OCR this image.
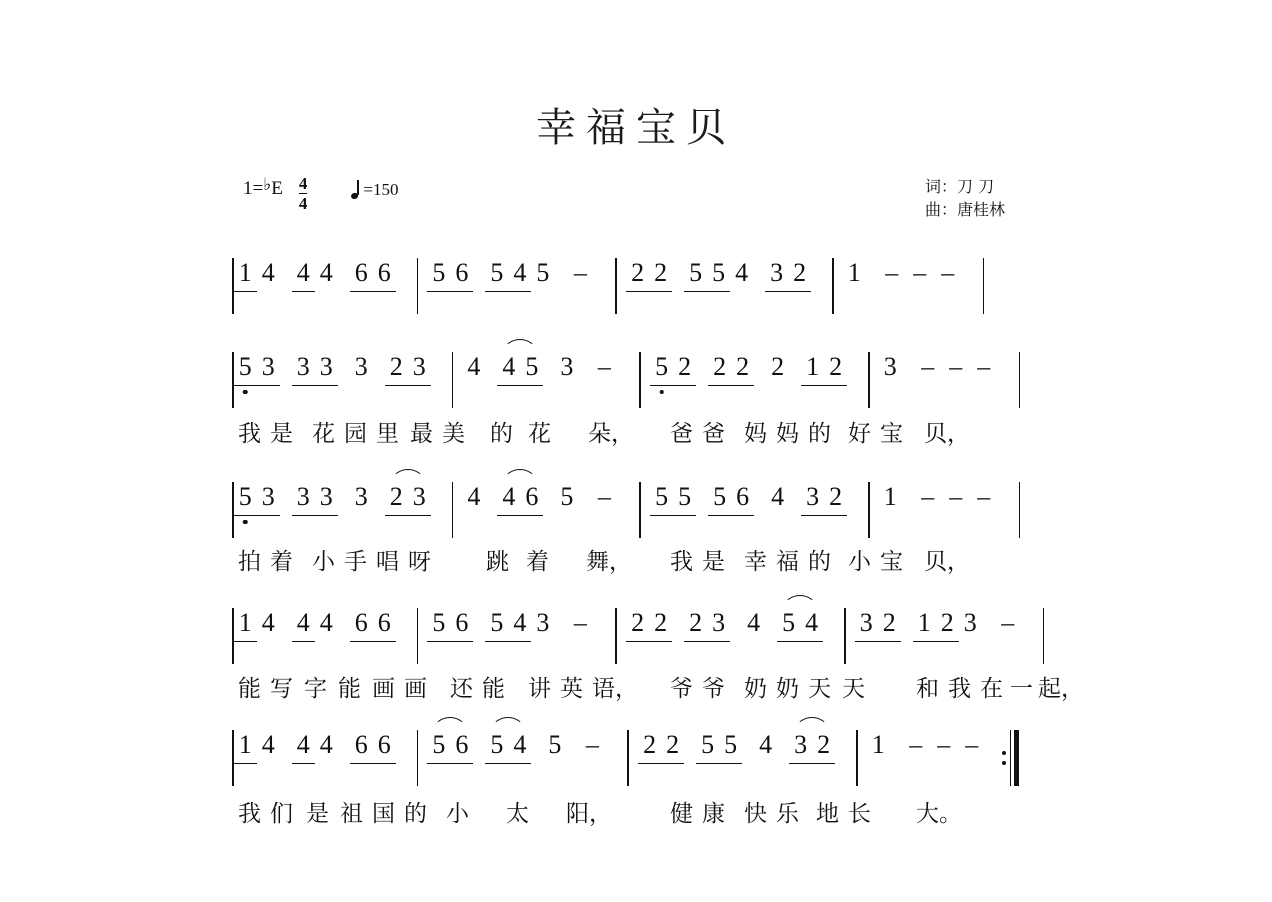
幸福宝贝
1= ♭ E $\frac{4}{4}$	=150	词：刀 刀
曲：唐桂林
1 4 4 4 6 6 5 6 5 4 5 – 2 2 5 5 4 3 2 1 – – –
5 3 3 3 3 2 3 4 4 5 3 – 5 2 2 2 2 1 2 3 – – –
我 是 花 园 里 最 美 的 花 朵， 爸 爸 妈 妈 的 好 宝 贝，
5 3 3 3 3 2 3 4 4 6 5 – 5 5 5 6 4 3 2 1 – – –
拍 着 小 手 唱 呀 跳 着 舞， 我 是 幸 福 的 小 宝 贝，
1 4 4 4 6 6 5 6 5 4 3 – 2 2 2 3 4 5 4 3 2 1 2 3 –
能 写 字 能 画 画 还 能 讲 英 语， 爷 爷 奶 奶 天 天 和 我 在 一 起，
1 4 4 4 6 6 5 6 5 4 5 – 2 2 5 5 4 3 2 1 – – –
我 们 是 祖 国 的 小 太 阳，	健 康 快 乐 地 长 大。
